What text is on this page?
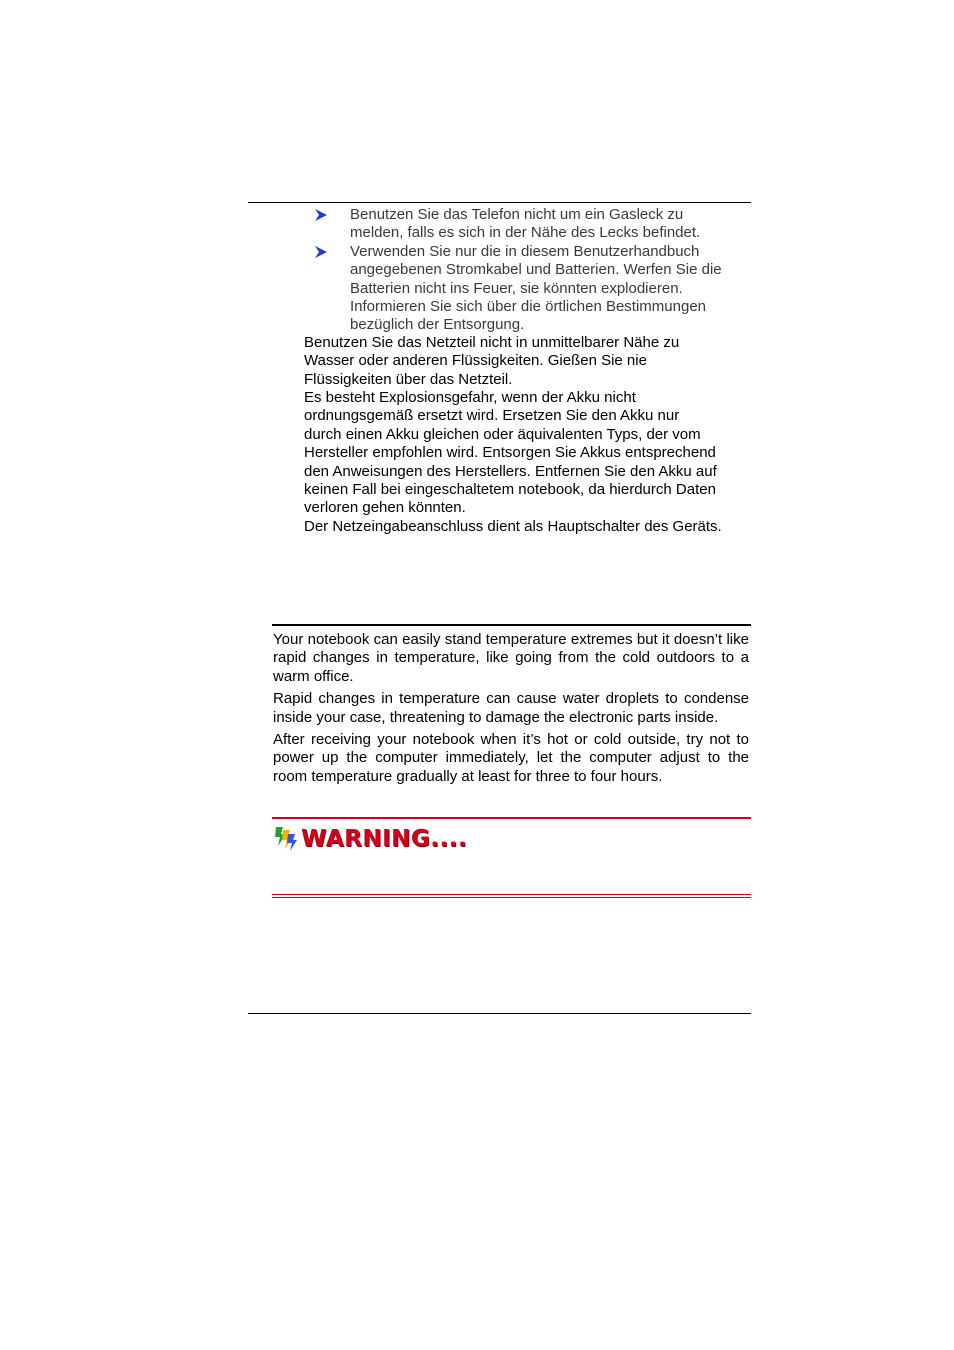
Benutzen Sie das Telefon nicht um ein Gasleck zu
melden, falls es sich in der Nähe des Lecks befindet.
Verwenden Sie nur die in diesem Benutzerhandbuch
angegebenen Stromkabel und Batterien. Werfen Sie die
Batterien nicht ins Feuer, sie könnten explodieren.
Informieren Sie sich über die örtlichen Bestimmungen
bezüglich der Entsorgung.
Benutzen Sie das Netzteil nicht in unmittelbarer Nähe zu
Wasser oder anderen Flüssigkeiten. Gießen Sie nie
Flüssigkeiten über das Netzteil.
Es besteht Explosionsgefahr, wenn der Akku nicht
ordnungsgemäß ersetzt wird. Ersetzen Sie den Akku nur
durch einen Akku gleichen oder äquivalenten Typs, der vom
Hersteller empfohlen wird. Entsorgen Sie Akkus entsprechend
den Anweisungen des Herstellers. Entfernen Sie den Akku auf
keinen Fall bei eingeschaltetem notebook, da hierdurch Daten
verloren gehen könnten.
Der Netzeingabeanschluss dient als Hauptschalter des Geräts.

Your notebook can easily stand temperature extremes but it doesn’t like rapid changes in temperature, like going from the cold outdoors to a warm office.

Rapid changes in temperature can cause water droplets to condense inside your case, threatening to damage the electronic parts inside.

After receiving your notebook when it’s hot or cold outside, try not to power up the computer immediately, let the computer adjust to the room temperature gradually at least for three to four hours.

WARNING....
